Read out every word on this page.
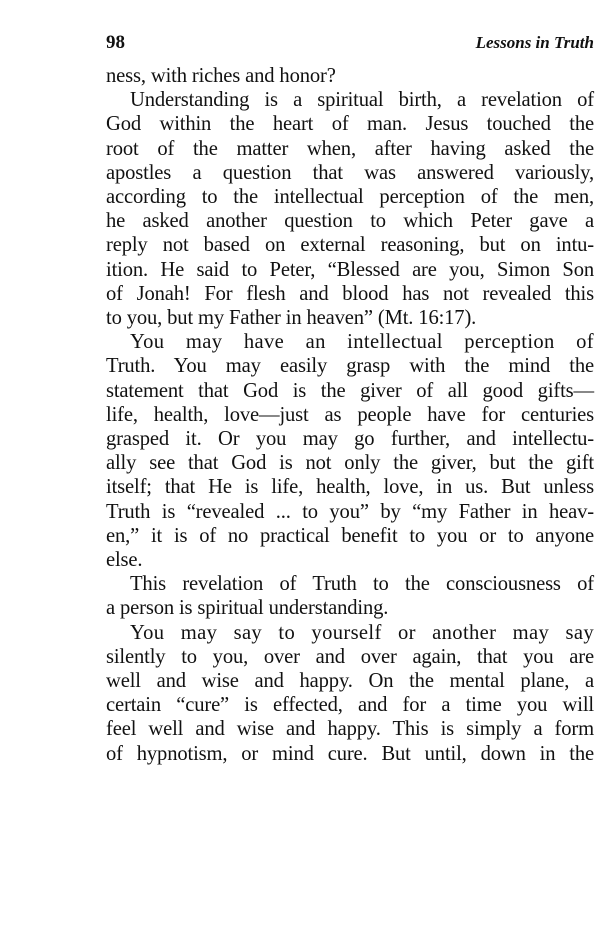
98	Lessons in Truth
ness, with riches and honor?
Understanding is a spiritual birth, a revelation of
God within the heart of man. Jesus touched the
root of the matter when, after having asked the
apostles a question that was answered variously,
according to the intellectual perception of the men,
he asked another question to which Peter gave a
reply not based on external reasoning, but on intu-
ition. He said to Peter, “Blessed are you, Simon Son
of Jonah! For flesh and blood has not revealed this
to you, but my Father in heaven” (Mt. 16:17).
You may have an intellectual perception of
Truth. You may easily grasp with the mind the
statement that God is the giver of all good gifts—
life, health, love—just as people have for centuries
grasped it. Or you may go further, and intellectu-
ally see that God is not only the giver, but the gift
itself; that He is life, health, love, in us. But unless
Truth is “revealed ... to you” by “my Father in heav-
en,” it is of no practical benefit to you or to anyone
else.
This revelation of Truth to the consciousness of
a person is spiritual understanding.
You may say to yourself or another may say
silently to you, over and over again, that you are
well and wise and happy. On the mental plane, a
certain “cure” is effected, and for a time you will
feel well and wise and happy. This is simply a form
of hypnotism, or mind cure. But until, down in the
